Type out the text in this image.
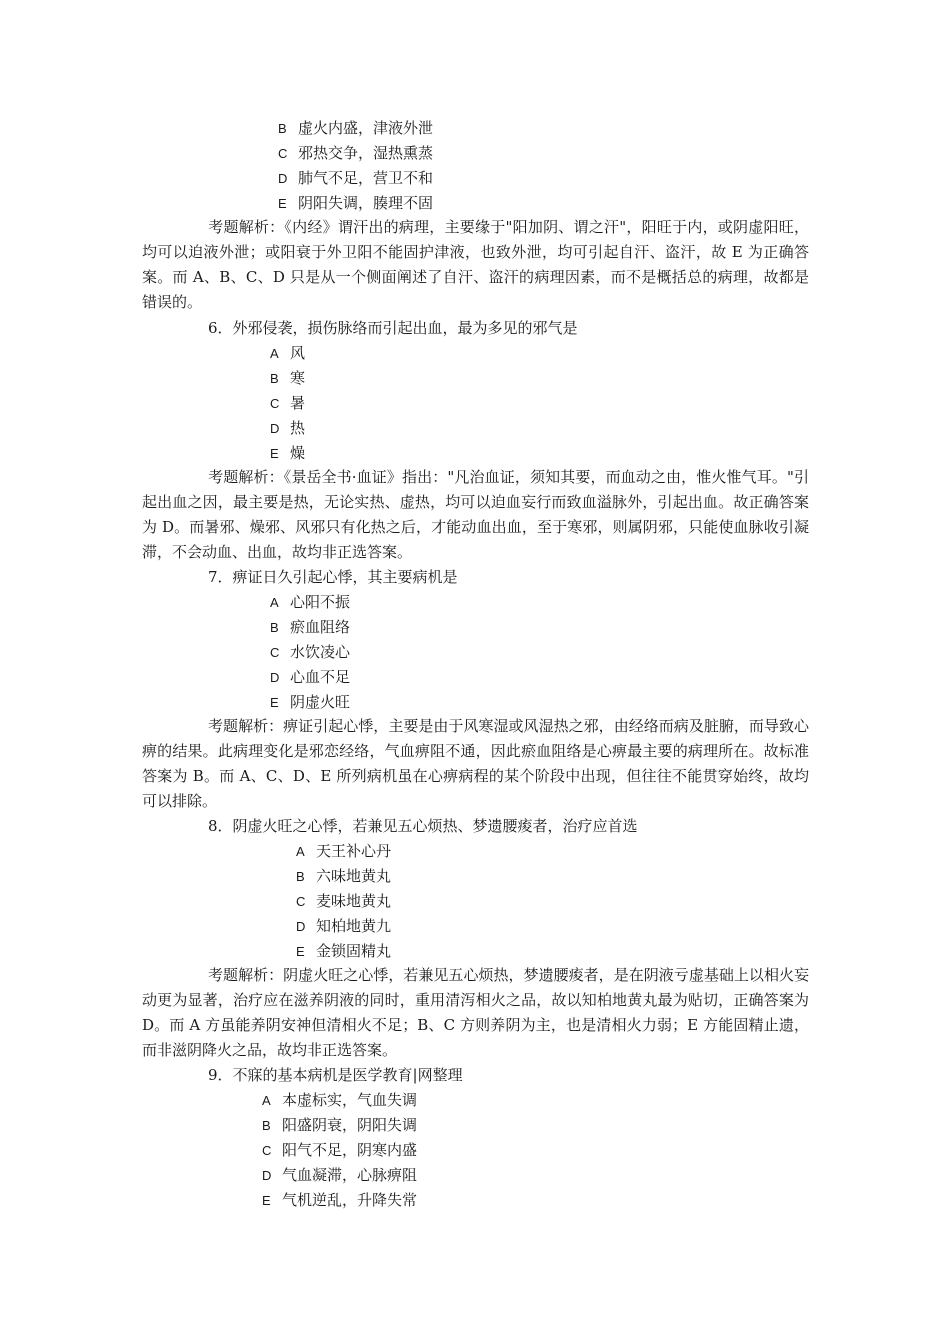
B 虚火内盛，津液外泄
C 邪热交争，湿热熏蒸
D 肺气不足，营卫不和
E 阴阳失调，腠理不固
考题解析：《内经》谓汗出的病理，主要缘于"阳加阴、谓之汗"，阳旺于内，或阴虚阳旺，均可以迫液外泄；或阳衰于外卫阳不能固护津液，也致外泄，均可引起自汗、盗汗，故 E 为正确答案。而 A、B、C、D 只是从一个侧面阐述了自汗、盗汗的病理因素，而不是概括总的病理，故都是错误的。
6．外邪侵袭，损伤脉络而引起出血，最为多见的邪气是
A 风
B 寒
C 暑
D 热
E 燥
考题解析：《景岳全书·血证》指出："凡治血证，须知其要，而血动之由，惟火惟气耳。"引起出血之因，最主要是热，无论实热、虚热，均可以迫血妄行而致血溢脉外，引起出血。故正确答案为 D。而暑邪、燥邪、风邪只有化热之后，才能动血出血，至于寒邪，则属阴邪，只能使血脉收引凝滞，不会动血、出血，故均非正选答案。
7．痹证日久引起心悸，其主要病机是
A 心阳不振
B 瘀血阻络
C 水饮凌心
D 心血不足
E 阴虚火旺
考题解析：痹证引起心悸，主要是由于风寒湿或风湿热之邪，由经络而病及脏腑，而导致心痹的结果。此病理变化是邪恋经络，气血痹阻不通，因此瘀血阻络是心痹最主要的病理所在。故标准答案为 B。而 A、C、D、E 所列病机虽在心痹病程的某个阶段中出现，但往往不能贯穿始终，故均可以排除。
8．阴虚火旺之心悸，若兼见五心烦热、梦遗腰痠者，治疗应首选
A 天王补心丹
B 六味地黄丸
C 麦味地黄丸
D 知柏地黄九
E 金锁固精丸
考题解析：阴虚火旺之心悸，若兼见五心烦热，梦遗腰痠者，是在阴液亏虚基础上以相火妄动更为显著，治疗应在滋养阴液的同时，重用清泻相火之品，故以知柏地黄丸最为贴切，正确答案为 D。而 A 方虽能养阴安神但清相火不足；B、C 方则养阴为主，也是清相火力弱；E 方能固精止遗，而非滋阴降火之品，故均非正选答案。
9．不寐的基本病机是医学教育|网整理
A 本虚标实，气血失调
B 阳盛阴衰，阴阳失调
C 阳气不足，阴寒内盛
D 气血凝滞，心脉痹阻
E 气机逆乱，升降失常
